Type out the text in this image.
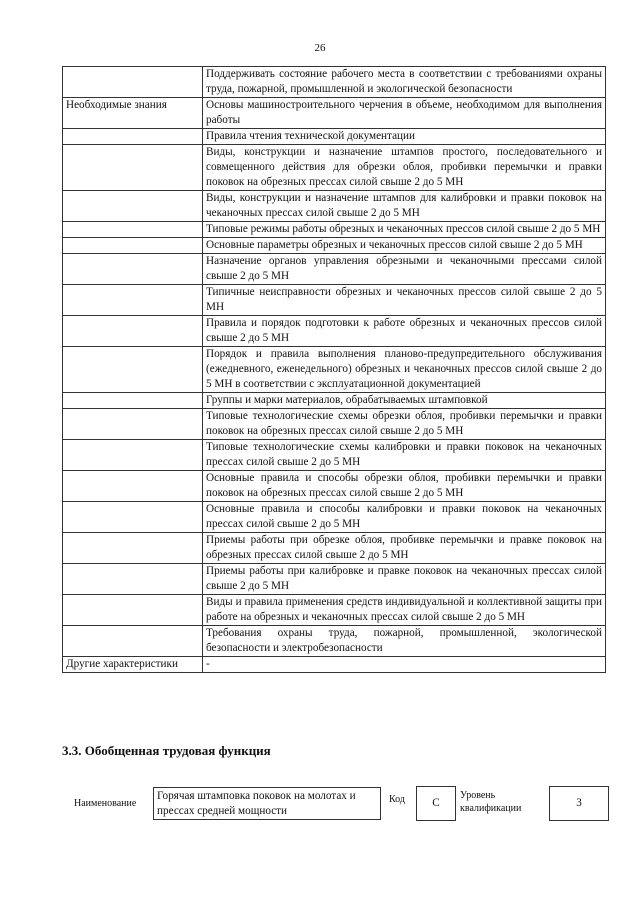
26
	Поддерживать состояние рабочего места в соответствии с требованиями охраны труда, пожарной, промышленной и экологической безопасности
Необходимые знания	Основы машиностроительного черчения в объеме, необходимом для выполнения работы
	Правила чтения технической документации
	Виды, конструкции и назначение штампов простого, последовательного и совмещенного действия для обрезки облоя, пробивки перемычки и правки поковок на обрезных прессах силой свыше 2 до 5 МН
	Виды, конструкции и назначение штампов для калибровки и правки поковок на чеканочных прессах силой свыше 2 до 5 МН
	Типовые режимы работы обрезных и чеканочных прессов силой свыше 2 до 5 МН
	Основные параметры обрезных и чеканочных прессов силой свыше 2 до 5 МН
	Назначение органов управления обрезными и чеканочными прессами силой свыше 2 до 5 МН
	Типичные неисправности обрезных и чеканочных прессов силой свыше 2 до 5 МН
	Правила и порядок подготовки к работе обрезных и чеканочных прессов силой свыше 2 до 5 МН
	Порядок и правила выполнения планово-предупредительного обслуживания (ежедневного, еженедельного) обрезных и чеканочных прессов силой свыше 2 до 5 МН в соответствии с эксплуатационной документацией
	Группы и марки материалов, обрабатываемых штамповкой
	Типовые технологические схемы обрезки облоя, пробивки перемычки и правки поковок на обрезных прессах силой свыше 2 до 5 МН
	Типовые технологические схемы калибровки и правки поковок на чеканочных прессах силой свыше 2 до 5 МН
	Основные правила и способы обрезки облоя, пробивки перемычки и правки поковок на обрезных прессах силой свыше 2 до 5 МН
	Основные правила и способы калибровки и правки поковок на чеканочных прессах силой свыше 2 до 5 МН
	Приемы работы при обрезке облоя, пробивке перемычки и правке поковок на обрезных прессах силой свыше 2 до 5 МН
	Приемы работы при калибровке и правке поковок на чеканочных прессах силой свыше 2 до 5 МН
	Виды и правила применения средств индивидуальной и коллективной защиты при работе на обрезных и чеканочных прессах силой свыше 2 до 5 МН
	Требования охраны труда, пожарной, промышленной, экологической безопасности и электробезопасности
Другие характеристики	-
3.3. Обобщенная трудовая функция
Наименование
Горячая штамповка поковок на молотах и прессах средней мощности
Код С
Уровень квалификации	3
